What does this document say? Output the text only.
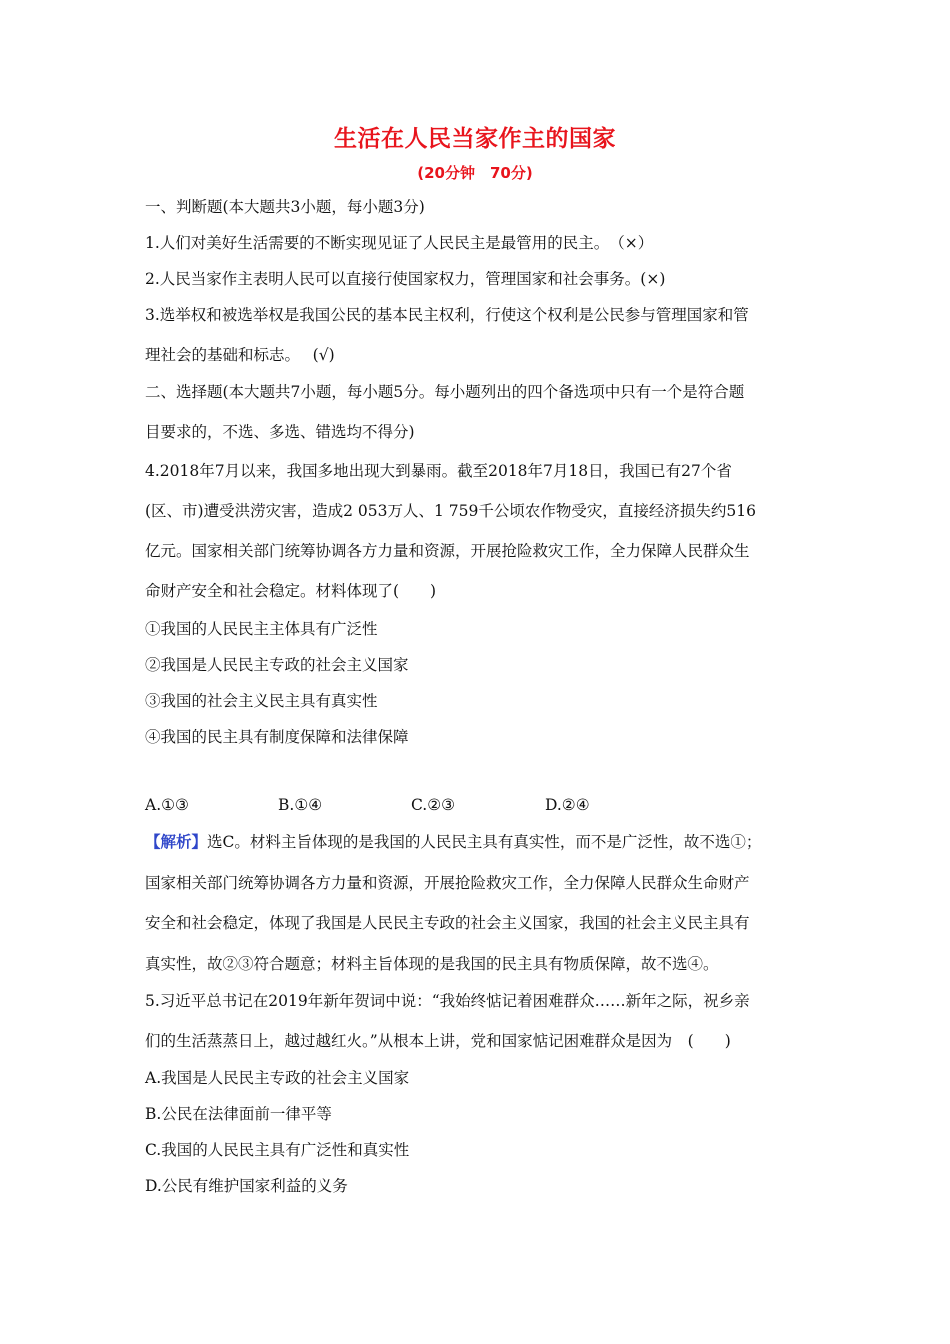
生活在人民当家作主的国家
(20分钟　70分)
一、判断题(本大题共3小题，每小题3分)
1.人们对美好生活需要的不断实现见证了人民民主是最管用的民主。　（×）
2.人民当家作主表明人民可以直接行使国家权力，管理国家和社会事务。(×)
3.选举权和被选举权是我国公民的基本民主权利，行使这个权利是公民参与管理国家和管
理社会的基础和标志。　 (√)
二、选择题(本大题共7小题，每小题5分。每小题列出的四个备选项中只有一个是符合题
目要求的，不选、多选、错选均不得分)
4.2018年7月以来，我国多地出现大到暴雨。截至2018年7月18日，我国已有27个省
(区、市)遭受洪涝灾害，造成2 053万人、1 759千公顷农作物受灾，直接经济损失约516
亿元。国家相关部门统筹协调各方力量和资源，开展抢险救灾工作，全力保障人民群众生
命财产安全和社会稳定。材料体现了(　　)
①我国的人民民主主体具有广泛性
②我国是人民民主专政的社会主义国家
③我国的社会主义民主具有真实性
④我国的民主具有制度保障和法律保障
A.①③	B.①④	C.②③	D.②④
【解析】选C。材料主旨体现的是我国的人民民主具有真实性，而不是广泛性，故不选①；
国家相关部门统筹协调各方力量和资源，开展抢险救灾工作，全力保障人民群众生命财产
安全和社会稳定，体现了我国是人民民主专政的社会主义国家，我国的社会主义民主具有
真实性，故②③符合题意；材料主旨体现的是我国的民主具有物质保障，故不选④。
5.习近平总书记在2019年新年贺词中说：“我始终惦记着困难群众……新年之际，祝乡亲
们的生活蒸蒸日上，越过越红火。”从根本上讲，党和国家惦记困难群众是因为　(　　)
A.我国是人民民主专政的社会主义国家
B.公民在法律面前一律平等
C.我国的人民民主具有广泛性和真实性
D.公民有维护国家利益的义务
